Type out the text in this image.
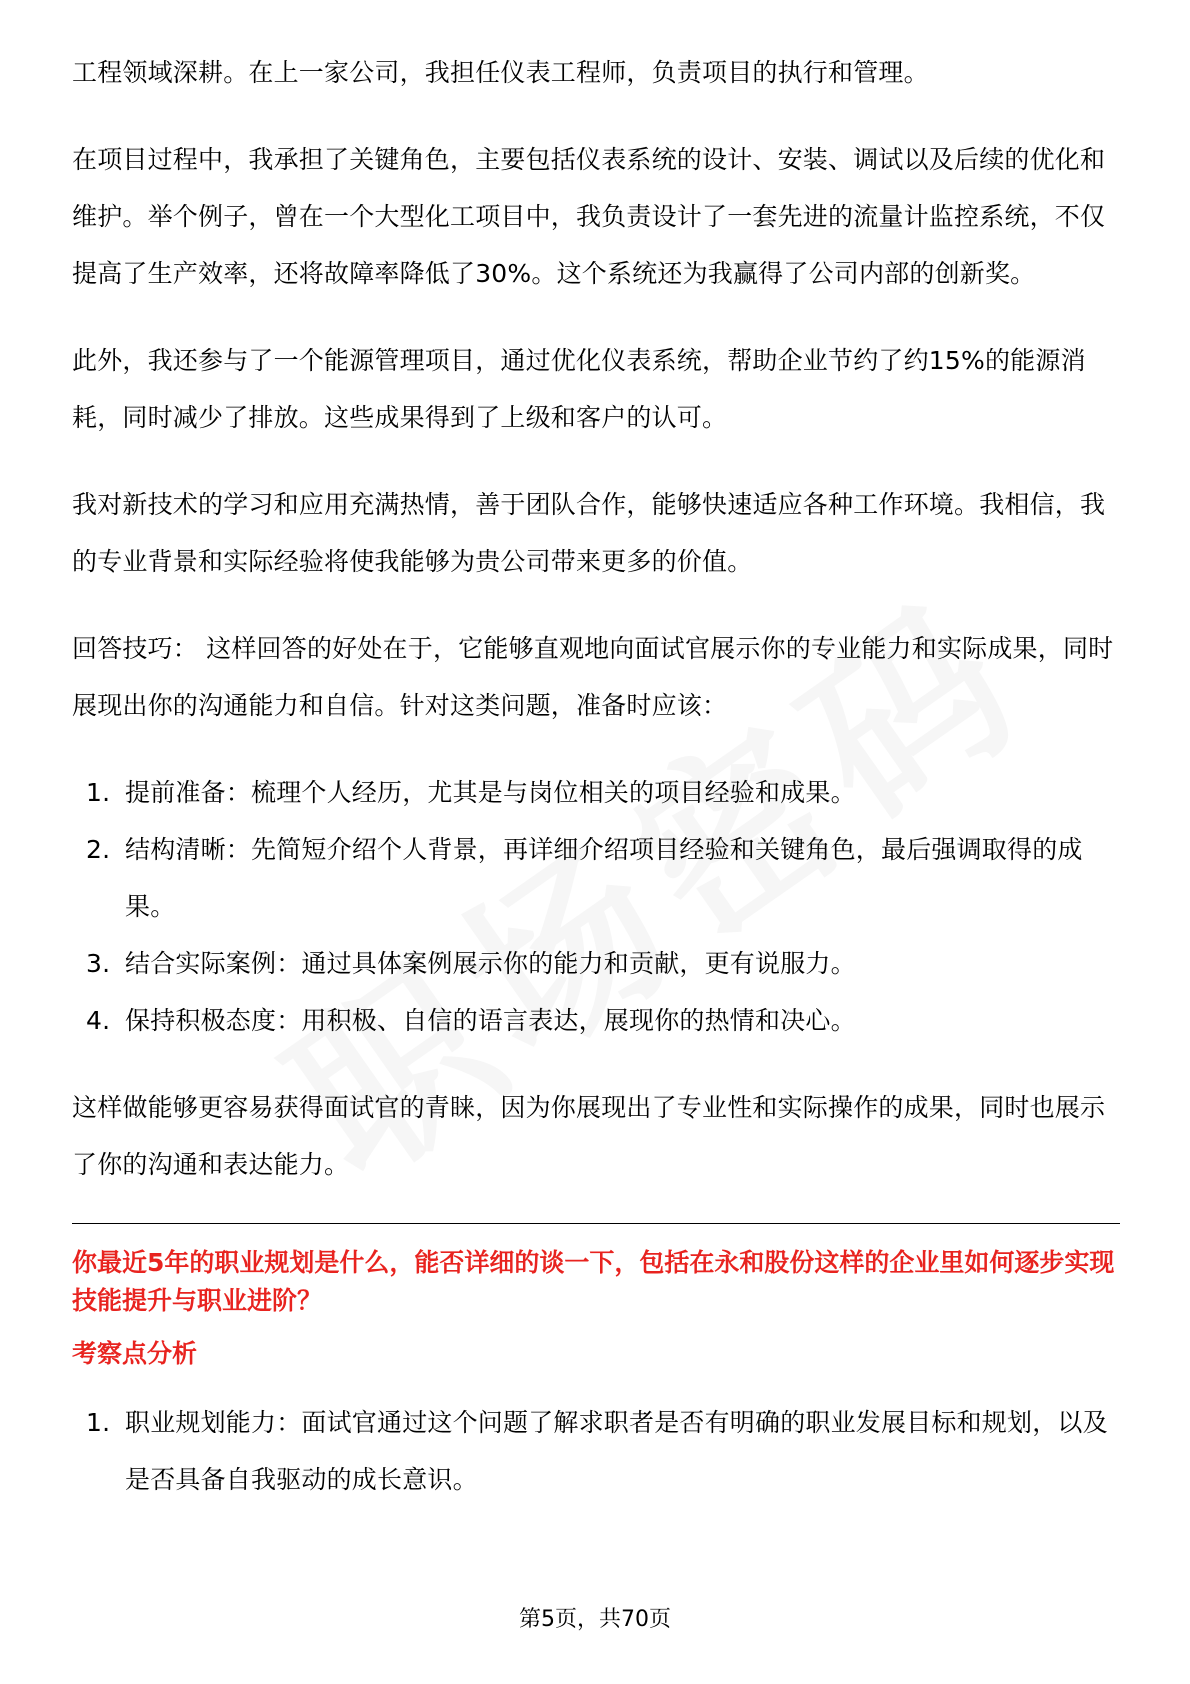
工程领域深耕。在上一家公司，我担任仪表工程师，负责项目的执行和管理。

在项目过程中，我承担了关键角色，主要包括仪表系统的设计、安装、调试以及后续的优化和维护。举个例子，曾在一个大型化工项目中，我负责设计了一套先进的流量计监控系统，不仅提高了生产效率，还将故障率降低了30%。这个系统还为我赢得了公司内部的创新奖。

此外，我还参与了一个能源管理项目，通过优化仪表系统，帮助企业节约了约15%的能源消耗，同时减少了排放。这些成果得到了上级和客户的认可。

我对新技术的学习和应用充满热情，善于团队合作，能够快速适应各种工作环境。我相信，我的专业背景和实际经验将使我能够为贵公司带来更多的价值。

回答技巧： 这样回答的好处在于，它能够直观地向面试官展示你的专业能力和实际成果，同时展现出你的沟通能力和自信。针对这类问题，准备时应该：

1. 提前准备：梳理个人经历，尤其是与岗位相关的项目经验和成果。
2. 结构清晰：先简短介绍个人背景，再详细介绍项目经验和关键角色，最后强调取得的成果。
3. 结合实际案例：通过具体案例展示你的能力和贡献，更有说服力。
4. 保持积极态度：用积极、自信的语言表达，展现你的热情和决心。

这样做能够更容易获得面试官的青睐，因为你展现出了专业性和实际操作的成果，同时也展示了你的沟通和表达能力。

你最近5年的职业规划是什么，能否详细的谈一下，包括在永和股份这样的企业里如何逐步实现技能提升与职业进阶？
考察点分析
1. 职业规划能力：面试官通过这个问题了解求职者是否有明确的职业发展目标和规划，以及是否具备自我驱动的成长意识。
第5页，共70页
